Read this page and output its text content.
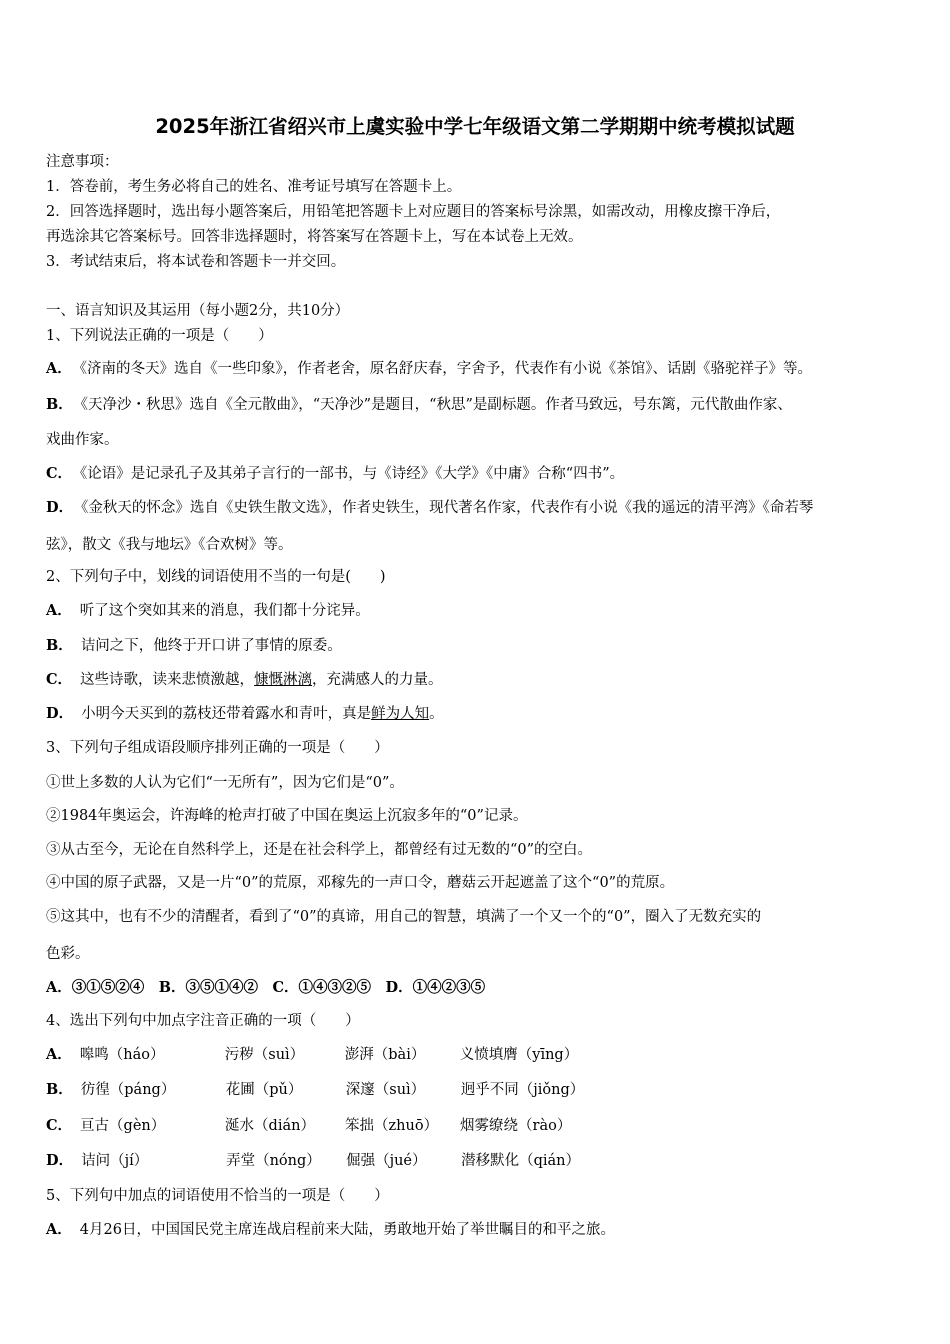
2025年浙江省绍兴市上虞实验中学七年级语文第二学期期中统考模拟试题
注意事项：
1．答卷前，考生务必将自己的姓名、准考证号填写在答题卡上。
2．回答选择题时，选出每小题答案后，用铅笔把答题卡上对应题目的答案标号涂黑，如需改动，用橡皮擦干净后，
再选涂其它答案标号。回答非选择题时，将答案写在答题卡上，写在本试卷上无效。
3．考试结束后，将本试卷和答题卡一并交回。
一、语言知识及其运用（每小题2分，共10分）
1、下列说法正确的一项是（　　）
A． 《济南的冬天》选自《一些印象》，作者老舍，原名舒庆春，字舍予，代表作有小说《茶馆》、话剧《骆驼祥子》等。
B． 《天净沙・秋思》选自《全元散曲》，“天净沙”是题目，“秋思”是副标题。作者马致远，号东篱，元代散曲作家、
戏曲作家。
C． 《论语》是记录孔子及其弟子言行的一部书，与《诗经》《大学》《中庸》合称“四书”。
D． 《金秋天的怀念》选自《史铁生散文选》，作者史铁生，现代著名作家，代表作有小说《我的遥远的清平湾》《命若琴
弦》，散文《我与地坛》《合欢树》等。
2、下列句子中，划线的词语使用不当的一句是(　　)
A． 听了这个突如其来的消息，我们都十分诧异。
B． 诘问之下，他终于开口讲了事情的原委。
C． 这些诗歌，读来悲愤激越，慷慨淋漓，充满感人的力量。
D． 小明今天买到的荔枝还带着露水和青叶，真是鲜为人知。
3、下列句子组成语段顺序排列正确的一项是（　　）
①世上多数的人认为它们“一无所有”，因为它们是“0”。
②1984年奥运会，许海峰的枪声打破了中国在奥运上沉寂多年的“0”记录。
③从古至今，无论在自然科学上，还是在社会科学上，都曾经有过无数的“0”的空白。
④中国的原子武器，又是一片“0”的荒原，邓稼先的一声口令，蘑菇云开起遮盖了这个“0”的荒原。
⑤这其中，也有不少的清醒者，看到了“0”的真谛，用自己的智慧，填满了一个又一个的“0”，圈入了无数充实的
色彩。
A．③①⑤②④　B．③⑤①④②　C．①④③②⑤　D．①④②③⑤
4、选出下列句中加点字注音正确的一项（　　）
A． 嗥鸣（háo）	污秽（suì）	澎湃（bài） 义愤填膺（yīng）
B． 彷徨（páng）	花圃（pǔ）	深邃（suì） 迥乎不同（jiǒng）
C． 亘古（gèn）	涎水（dián） 笨拙（zhuō） 烟雾缭绕（rào）
D． 诘问（jí）	弄堂（nóng） 倔强（jué） 潜移默化（qián）
5、下列句中加点的词语使用不恰当的一项是（　　）
A． 4月26日，中国国民党主席连战启程前来大陆，勇敢地开始了举世瞩目的和平之旅。
